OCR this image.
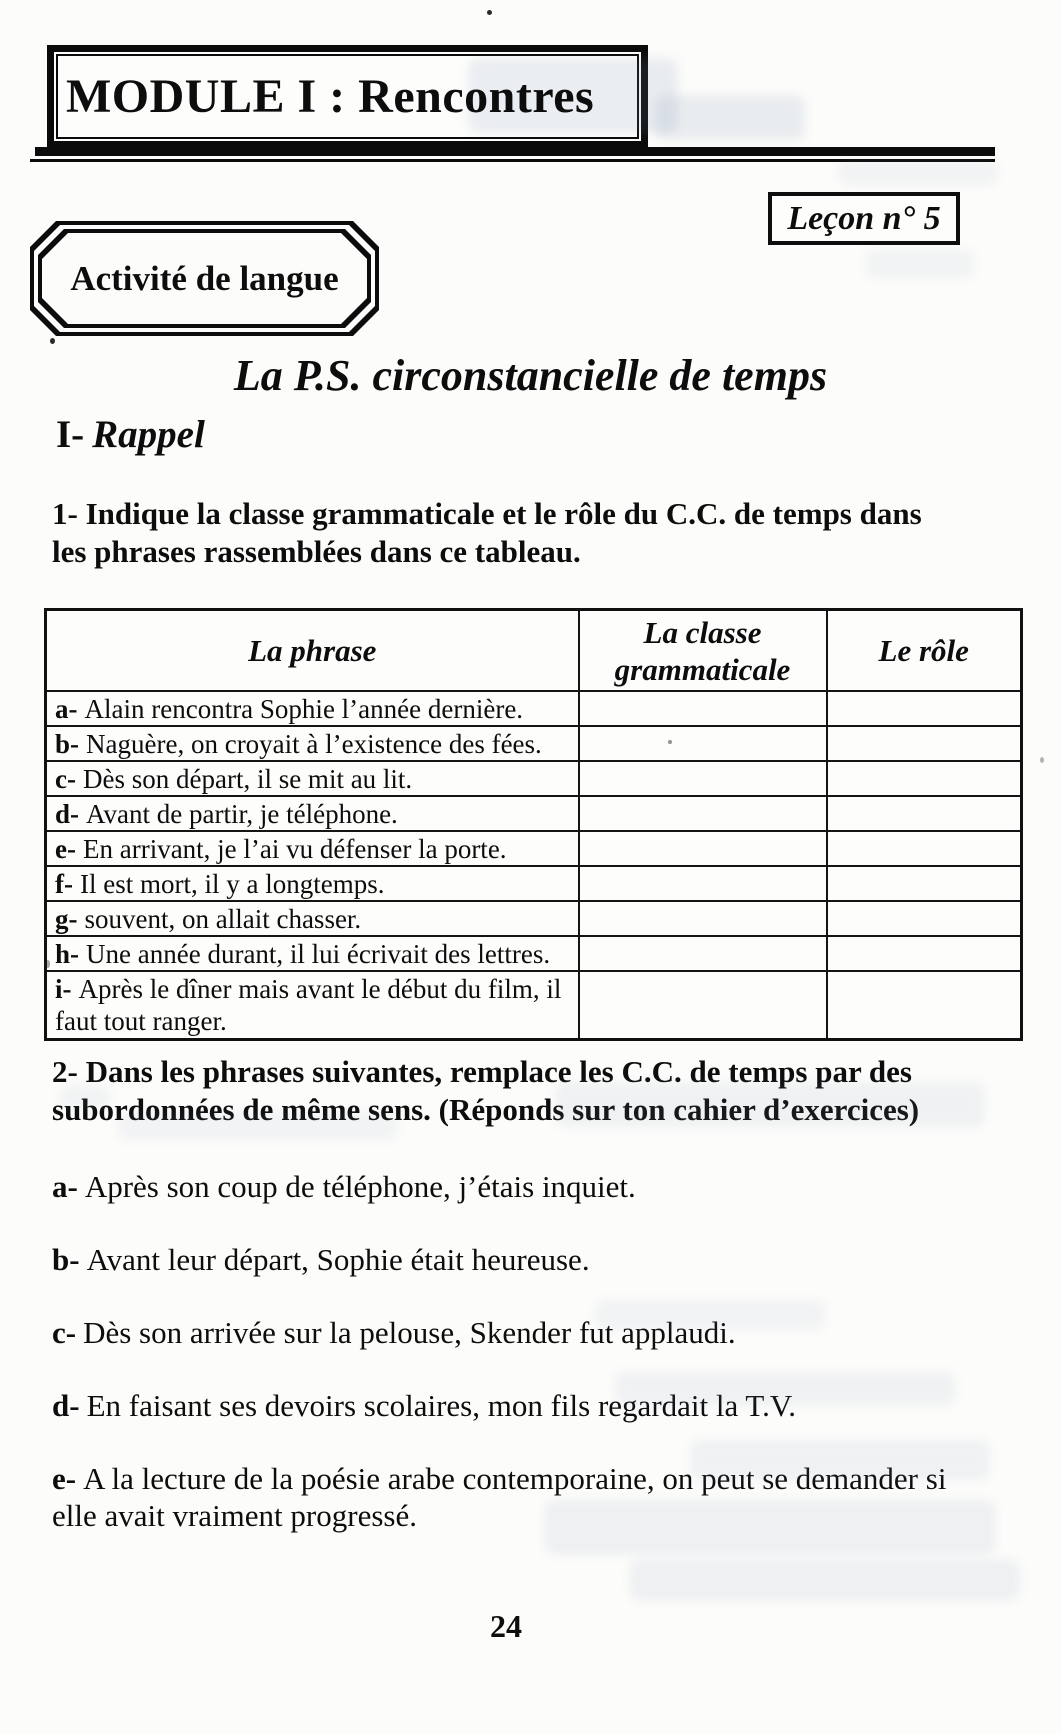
MODULE I : Rencontres
Leçon n° 5
Activité de langue
La P.S. circonstancielle de temps
I- Rappel

1- Indique la classe grammaticale et le rôle du C.C. de temps dans les phrases rassemblées dans ce tableau.

La phrase	La classe grammaticale	Le rôle
a- Alain rencontra Sophie l’année dernière.		
b- Naguère, on croyait à l’existence des fées.		
c- Dès son départ, il se mit au lit.		
d- Avant de partir, je téléphone.		
e- En arrivant, je l’ai vu défenser la porte.		
f- Il est mort, il y a longtemps.		
g- souvent, on allait chasser.		
h- Une année durant, il lui écrivait des lettres.		
i- Après le dîner mais avant le début du film, il faut tout ranger.		

2- Dans les phrases suivantes, remplace les C.C. de temps par des subordonnées de même sens. (Réponds sur ton cahier d’exercices)

a- Après son coup de téléphone, j’étais inquiet.

b- Avant leur départ, Sophie était heureuse.

c- Dès son arrivée sur la pelouse, Skender fut applaudi.

d- En faisant ses devoirs scolaires, mon fils regardait la T.V.

e- A la lecture de la poésie arabe contemporaine, on peut se demander si elle avait vraiment progressé.

24
